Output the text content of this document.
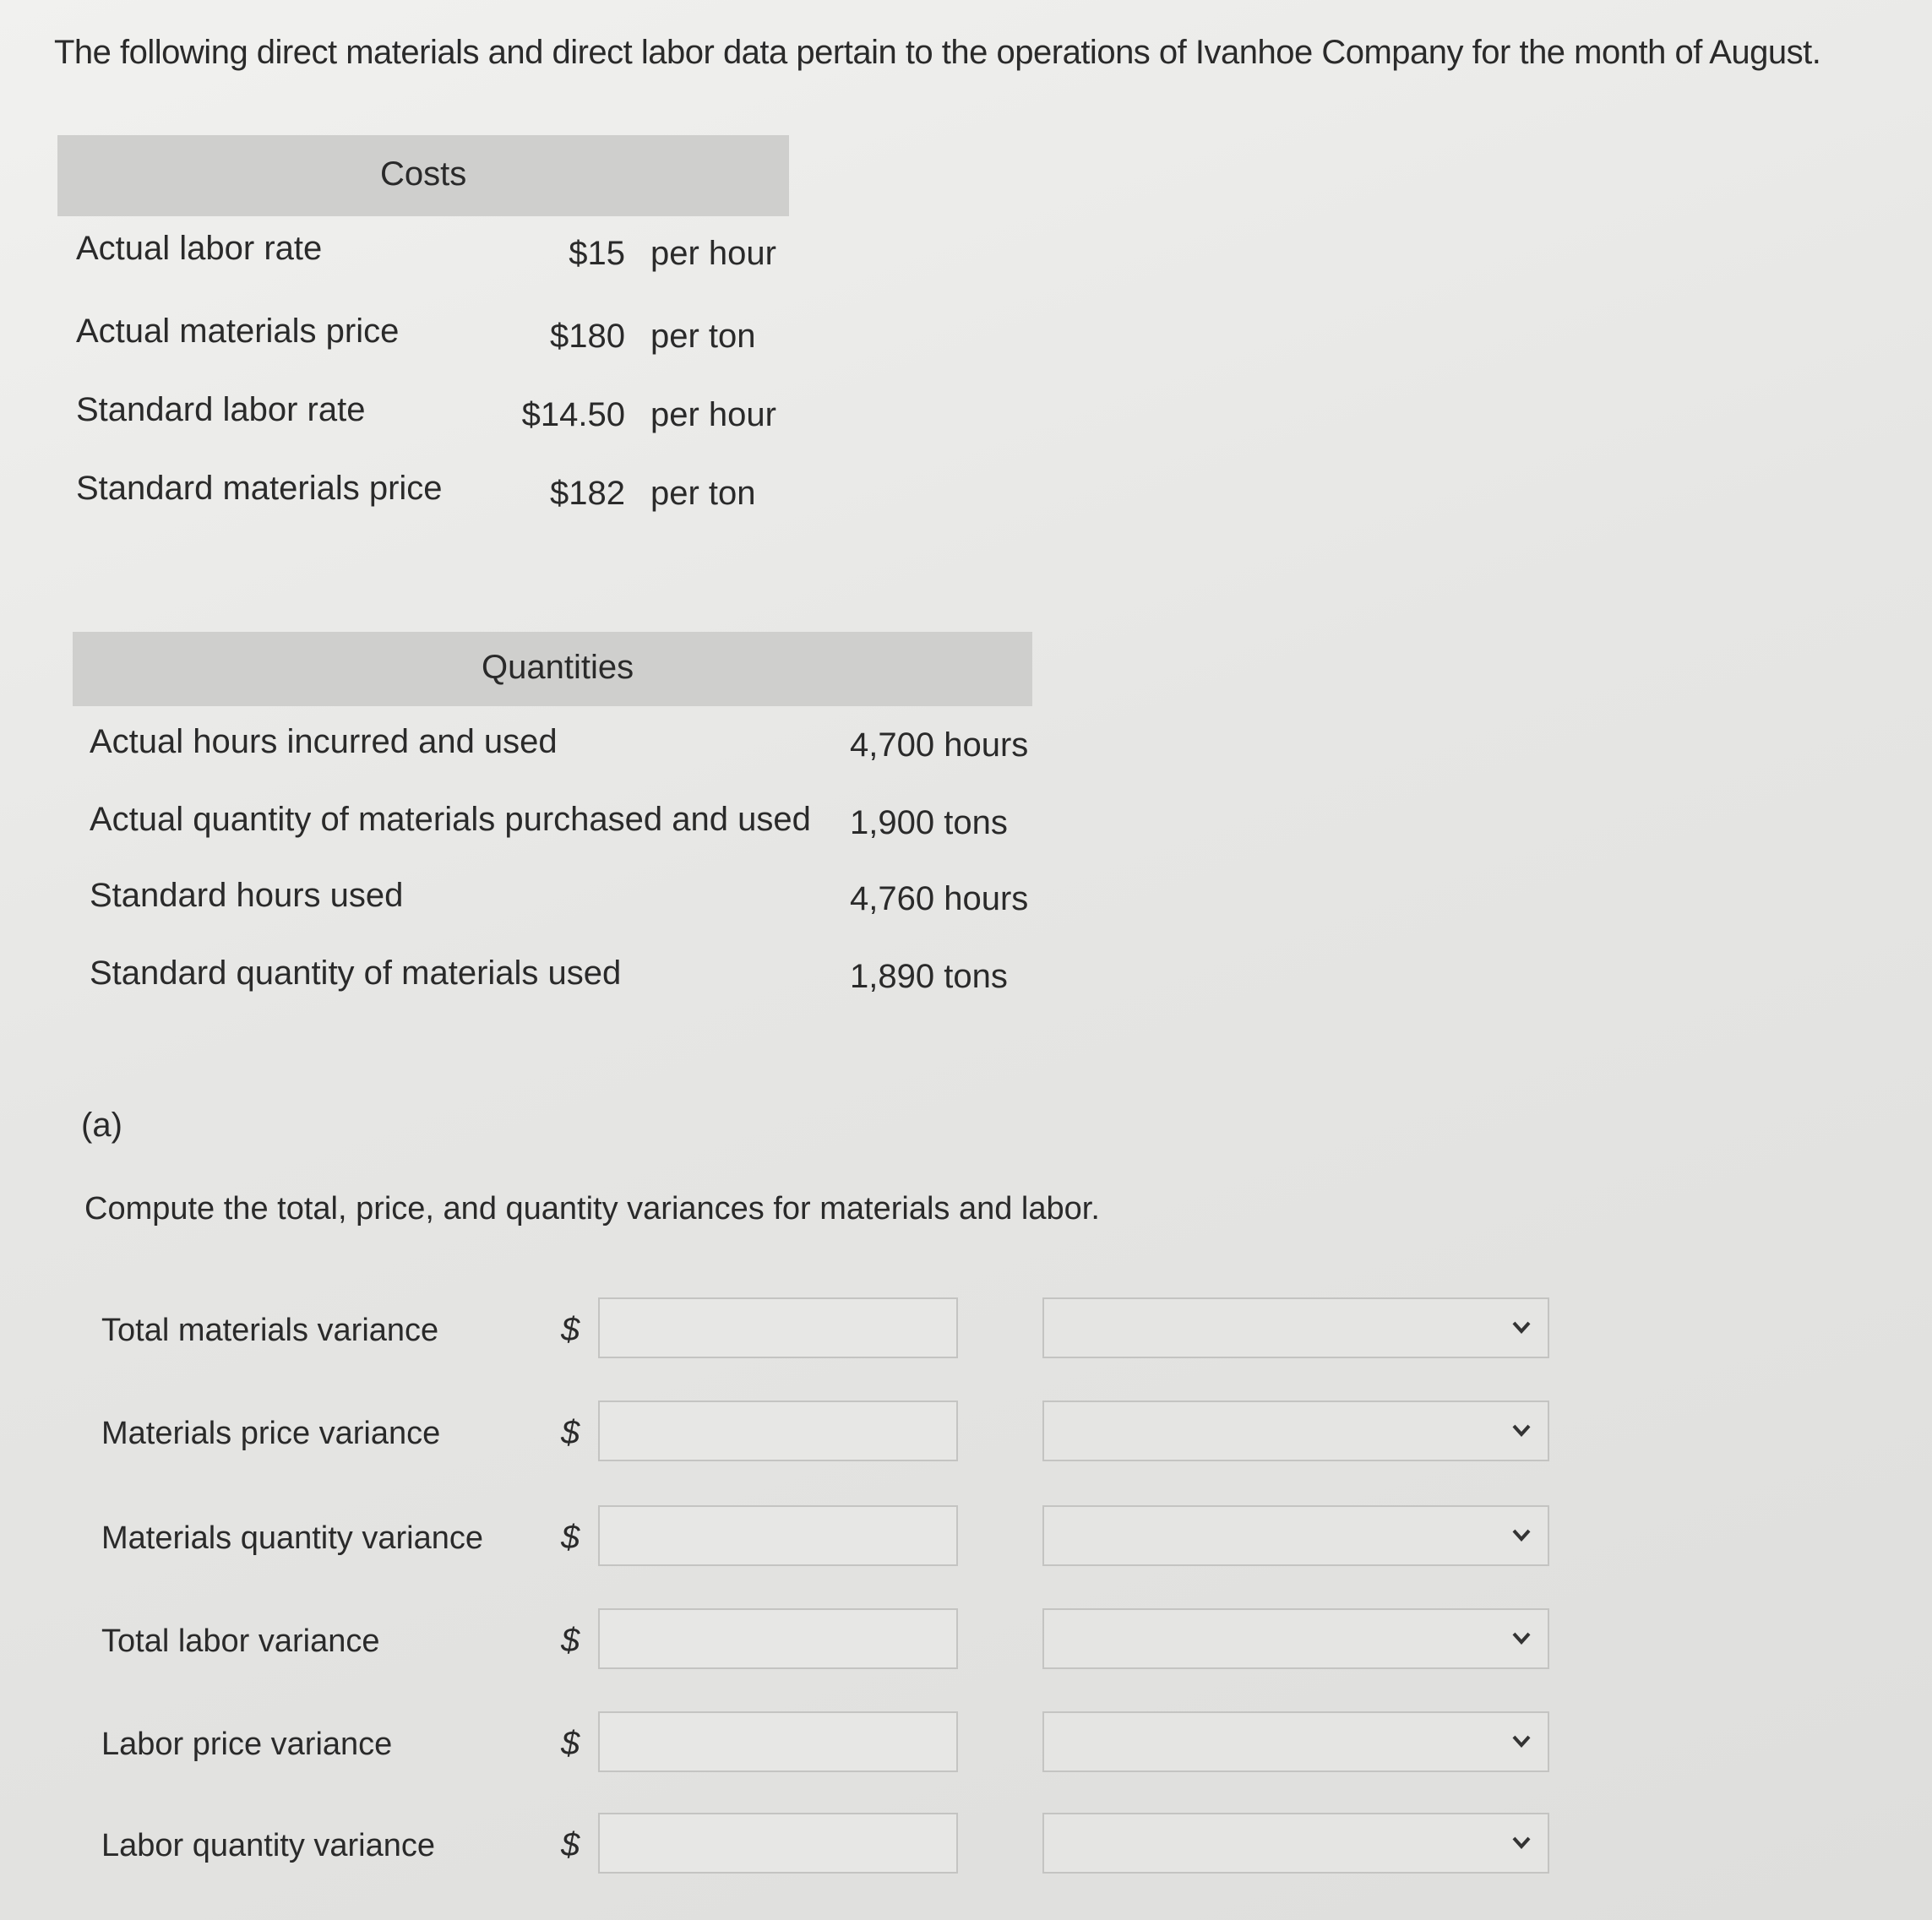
The following direct materials and direct labor data pertain to the operations of Ivanhoe Company for the month of August.
Costs
Actual labor rate	$15 per hour
Actual materials price	$180 per ton
Standard labor rate	$14.50 per hour
Standard materials price	$182 per ton
Quantities
Actual hours incurred and used	4,700 hours
Actual quantity of materials purchased and used 1,900 tons
Standard hours used	4,760 hours
Standard quantity of materials used	1,890 tons
(a)
Compute the total, price, and quantity variances for materials and labor.
Total materials variance	$
Materials price variance	$
Materials quantity variance $
Total labor variance	$
Labor price variance	$
Labor quantity variance	$
